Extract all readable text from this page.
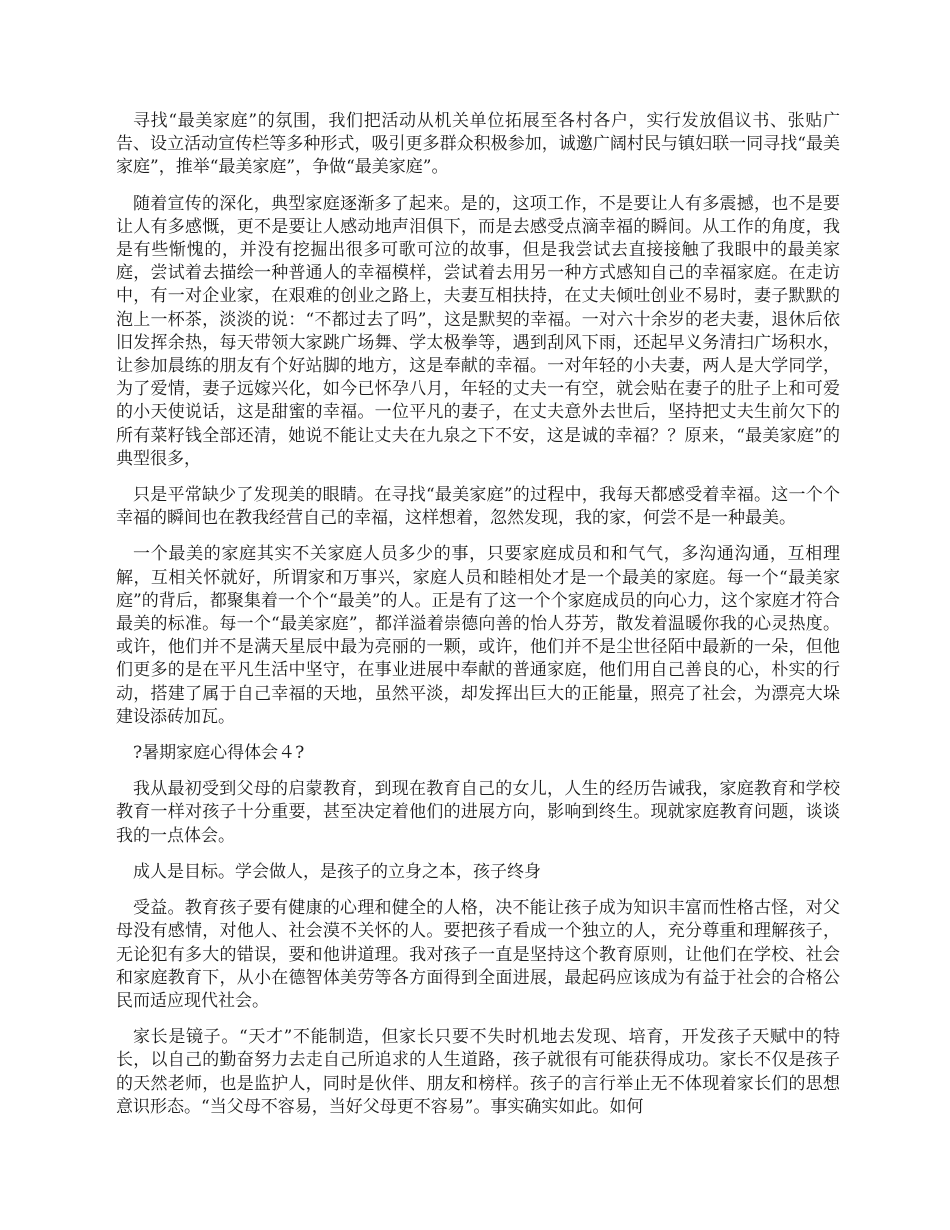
寻找“最美家庭”的氛围，我们把活动从机关单位拓展至各村各户，实行发放倡议书、张贴广告、设立活动宣传栏等多种形式，吸引更多群众积极参加，诚邀广阔村民与镇妇联一同寻找“最美家庭”，推举“最美家庭”，争做“最美家庭”。

随着宣传的深化，典型家庭逐渐多了起来。是的，这项工作，不是要让人有多震撼，也不是要让人有多感慨，更不是要让人感动地声泪俱下，而是去感受点滴幸福的瞬间。从工作的角度，我是有些惭愧的，并没有挖掘出很多可歌可泣的故事，但是我尝试去直接接触了我眼中的最美家庭，尝试着去描绘一种普通人的幸福模样，尝试着去用另一种方式感知自己的幸福家庭。在走访中，有一对企业家，在艰难的创业之路上，夫妻互相扶持，在丈夫倾吐创业不易时，妻子默默的泡上一杯茶，淡淡的说：“不都过去了吗”，这是默契的幸福。一对六十余岁的老夫妻，退休后依旧发挥余热，每天带领大家跳广场舞、学太极拳等，遇到刮风下雨，还起早义务清扫广场积水，让参加晨练的朋友有个好站脚的地方，这是奉献的幸福。一对年轻的小夫妻，两人是大学同学，为了爱情，妻子远嫁兴化，如今已怀孕八月，年轻的丈夫一有空，就会贴在妻子的肚子上和可爱的小天使说话，这是甜蜜的幸福。一位平凡的妻子，在丈夫意外去世后，坚持把丈夫生前欠下的所有菜籽钱全部还清，她说不能让丈夫在九泉之下不安，这是诚的幸福？？原来，“最美家庭”的典型很多，

只是平常缺少了发现美的眼睛。在寻找“最美家庭”的过程中，我每天都感受着幸福。这一个个幸福的瞬间也在教我经营自己的幸福，这样想着，忽然发现，我的家，何尝不是一种最美。

一个最美的家庭其实不关家庭人员多少的事，只要家庭成员和和气气，多沟通沟通，互相理解，互相关怀就好，所谓家和万事兴，家庭人员和睦相处才是一个最美的家庭。每一个“最美家庭”的背后，都聚集着一个个“最美”的人。正是有了这一个个家庭成员的向心力，这个家庭才符合最美的标准。每一个“最美家庭”，都洋溢着崇德向善的怡人芬芳，散发着温暖你我的心灵热度。或许，他们并不是满天星辰中最为亮丽的一颗，或许，他们并不是尘世径陌中最新的一朵，但他们更多的是在平凡生活中坚守，在事业进展中奉献的普通家庭，他们用自己善良的心，朴实的行动，搭建了属于自己幸福的天地，虽然平淡，却发挥出巨大的正能量，照亮了社会，为漂亮大垛建设添砖加瓦。

?暑期家庭心得体会４?

我从最初受到父母的启蒙教育，到现在教育自己的女儿，人生的经历告诫我，家庭教育和学校教育一样对孩子十分重要，甚至决定着他们的进展方向，影响到终生。现就家庭教育问题，谈谈我的一点体会。

成人是目标。学会做人，是孩子的立身之本，孩子终身

受益。教育孩子要有健康的心理和健全的人格，决不能让孩子成为知识丰富而性格古怪，对父母没有感情，对他人、社会漠不关怀的人。要把孩子看成一个独立的人，充分尊重和理解孩子，无论犯有多大的错误，要和他讲道理。我对孩子一直是坚持这个教育原则，让他们在学校、社会和家庭教育下，从小在德智体美劳等各方面得到全面进展，最起码应该成为有益于社会的合格公民而适应现代社会。

家长是镜子。“天才”不能制造，但家长只要不失时机地去发现、培育，开发孩子天赋中的特长，以自己的勤奋努力去走自己所追求的人生道路，孩子就很有可能获得成功。家长不仅是孩子的天然老师，也是监护人，同时是伙伴、朋友和榜样。孩子的言行举止无不体现着家长们的思想意识形态。“当父母不容易，当好父母更不容易”。事实确实如此。如何
